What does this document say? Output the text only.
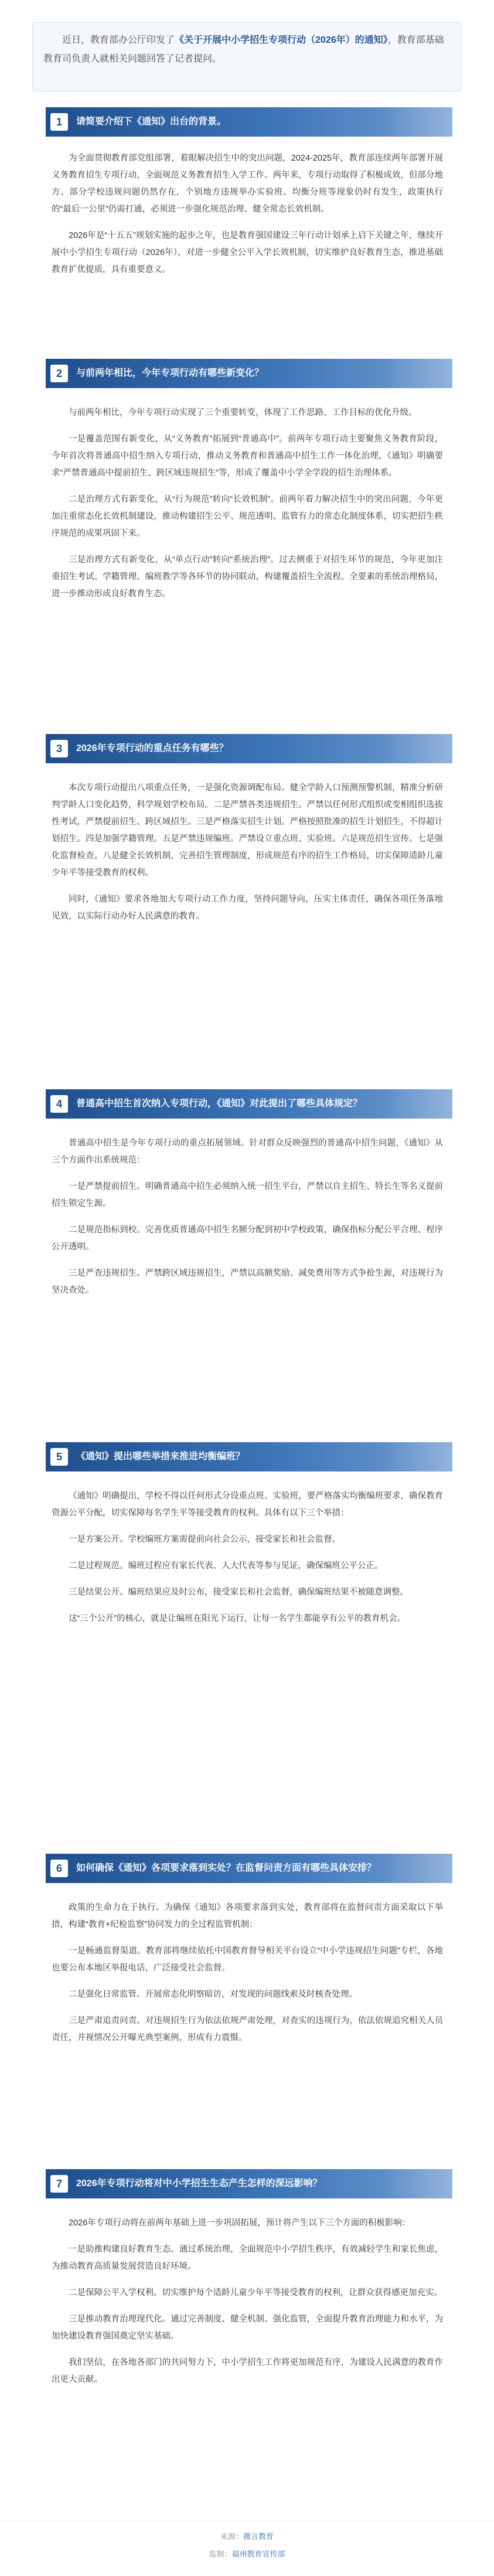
近日，教育部办公厅印发了《关于开展中小学招生专项行动（2026年）的通知》，教育部基础教育司负责人就相关问题回答了记者提问。
1	请简要介绍下《通知》出台的背景。

为全面贯彻教育部党组部署，着眼解决招生中的突出问题，2024-2025年，教育部连续两年部署开展义务教育招生专项行动，全面规范义务教育招生入学工作。两年来，专项行动取得了积极成效，但部分地方、部分学校违规问题仍然存在，个别地方违规举办实验班、均衡分班等现象仍时有发生，政策执行的“最后一公里”仍需打通，必须进一步强化规范治理、健全常态长效机制。

2026年是“十五五”规划实施的起步之年，也是教育强国建设三年行动计划承上启下关键之年，继续开展中小学招生专项行动（2026年），对进一步健全公平入学长效机制，切实维护良好教育生态，推进基础教育扩优提质，具有重要意义。

2	与前两年相比，今年专项行动有哪些新变化？

与前两年相比，今年专项行动实现了三个重要转变，体现了工作思路、工作目标的优化升级。

一是覆盖范围有新变化，从“义务教育”拓展到“普通高中”。前两年专项行动主要聚焦义务教育阶段，今年首次将普通高中招生纳入专项行动，推动义务教育和普通高中招生工作一体化治理，《通知》明确要求“严禁普通高中提前招生、跨区域违规招生”等，形成了覆盖中小学全学段的招生治理体系。

二是治理方式有新变化，从“行为规范”转向“长效机制”。前两年着力解决招生中的突出问题，今年更加注重常态化长效机制建设，推动构建招生公平、规范透明、监管有力的常态化制度体系，切实把招生秩序规范的成果巩固下来。

三是治理方式有新变化，从“单点行动”转向“系统治理”。过去侧重于对招生环节的规范，今年更加注重招生考试、学籍管理、编班教学等各环节的协同联动，构建覆盖招生全流程、全要素的系统治理格局，进一步推动形成良好教育生态。

3	2026年专项行动的重点任务有哪些？

本次专项行动提出八项重点任务，一是强化资源调配布局。健全学龄人口预测预警机制，精准分析研判学龄人口变化趋势，科学规划学校布局。二是严禁各类违规招生。严禁以任何形式组织或变相组织选拔性考试，严禁提前招生、跨区域招生。三是严格落实招生计划。严格按照批准的招生计划招生，不得超计划招生。四是加强学籍管理。五是严禁违规编班。严禁设立重点班、实验班。六是规范招生宣传。七是强化监督检查。八是健全长效机制，完善招生管理制度，形成规范有序的招生工作格局，切实保障适龄儿童少年平等接受教育的权利。

同时，《通知》要求各地加大专项行动工作力度，坚持问题导向，压实主体责任，确保各项任务落地见效，以实际行动办好人民满意的教育。

4	普通高中招生首次纳入专项行动，《通知》对此提出了哪些具体规定？

普通高中招生是今年专项行动的重点拓展领域。针对群众反映强烈的普通高中招生问题，《通知》从三个方面作出系统规范：

一是严禁提前招生。明确普通高中招生必须纳入统一招生平台，严禁以自主招生、特长生等名义提前招生锁定生源。

二是规范指标到校。完善优质普通高中招生名额分配到初中学校政策，确保指标分配公平合理、程序公开透明。

三是严查违规招生。严禁跨区域违规招生，严禁以高额奖励、减免费用等方式争抢生源，对违规行为坚决查处。

5	《通知》提出哪些举措来推进均衡编班？

《通知》明确提出，学校不得以任何形式分设重点班、实验班，要严格落实均衡编班要求，确保教育资源公平分配，切实保障每名学生平等接受教育的权利。具体有以下三个举措：

一是方案公开。学校编班方案需提前向社会公示，接受家长和社会监督。

二是过程规范。编班过程应有家长代表、人大代表等参与见证，确保编班公平公正。

三是结果公开。编班结果应及时公布，接受家长和社会监督，确保编班结果不被随意调整。

这“三个公开”的核心，就是让编班在阳光下运行，让每一名学生都能享有公平的教育机会。

6	如何确保《通知》各项要求落到实处？在监督问责方面有哪些具体安排？

政策的生命力在于执行。为确保《通知》各项要求落到实处，教育部将在监督问责方面采取以下举措，构建“教育+纪检监察”协同发力的全过程监管机制：

一是畅通监督渠道。教育部将继续依托中国教育督导相关平台设立“中小学违规招生问题”专栏，各地也要公布本地区举报电话，广泛接受社会监督。

二是强化日常监管。开展常态化明察暗访，对发现的问题线索及时核查处理。

三是严肃追责问责。对违规招生行为依法依规严肃处理，对查实的违规行为，依法依规追究相关人员责任，并视情况公开曝光典型案例，形成有力震慑。

7	2026年专项行动将对中小学招生生态产生怎样的深远影响？

2026年专项行动将在前两年基础上进一步巩固拓展，预计将产生以下三个方面的积极影响：

一是助推构建良好教育生态。通过系统治理，全面规范中小学招生秩序，有效减轻学生和家长焦虑，为推动教育高质量发展营造良好环境。

二是保障公平入学权利。切实维护每个适龄儿童少年平等接受教育的权利，让群众获得感更加充实。

三是推动教育治理现代化。通过完善制度、健全机制、强化监管，全面提升教育治理能力和水平，为加快建设教育强国奠定坚实基础。

我们坚信，在各地各部门的共同努力下，中小学招生工作将更加规范有序，为建设人民满意的教育作出更大贡献。

来源：微言教育
监制：福州教育宣传部
